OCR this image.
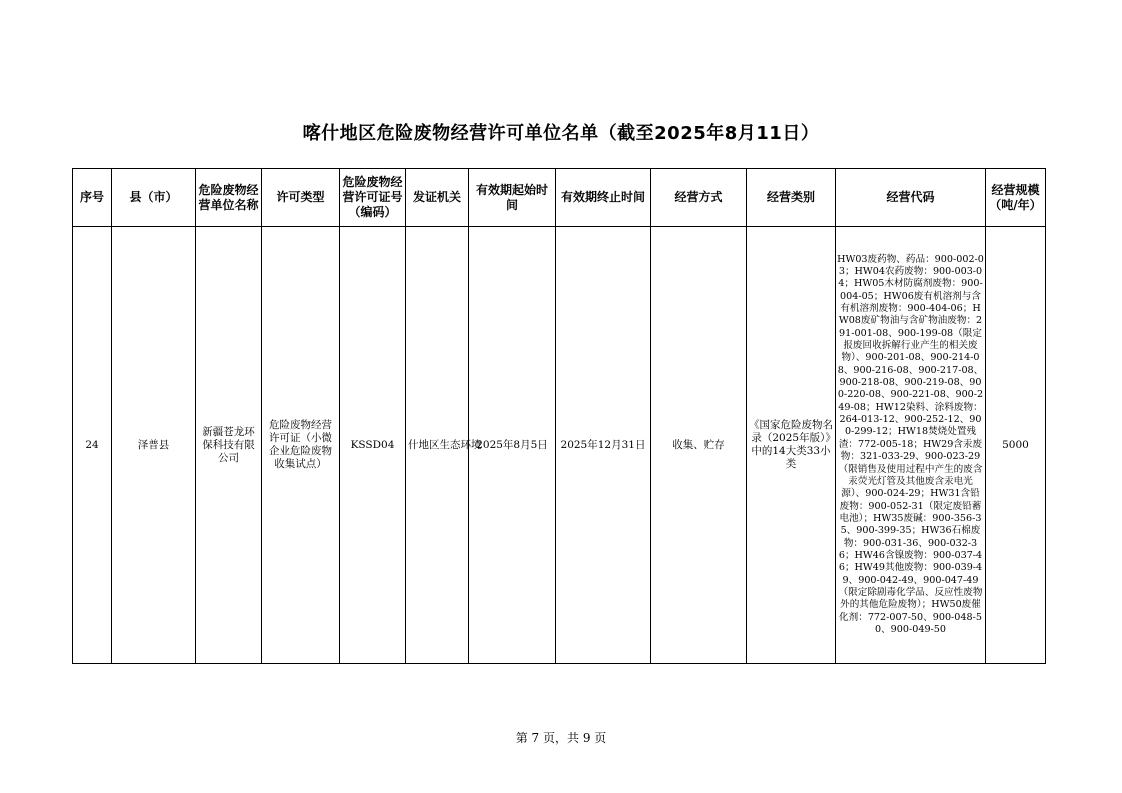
喀什地区危险废物经营许可单位名单（截至2025年8月11日）
序号	县（市）	危险废物经营单位名称	许可类型	危险废物经营许可证号（编码）	发证机关	有效期起始时间	有效期终止时间	经营方式	经营类别	经营代码	经营规模（吨/年）
24	泽普县	新疆苍龙环保科技有限公司	危险废物经营许可证（小微企业危险废物收集试点）	KSSD04	什地区生态环境	2025年8月5日	2025年12月31日	收集、贮存	《国家危险废物名录（2025年版）》中的14大类33小类	HW03废药物、药品：900-002-03；HW04农药废物：900-003-04；HW05木材防腐剂废物：900-004-05；HW06废有机溶剂与含有机溶剂废物：900-404-06；HW08废矿物油与含矿物油废物：291-001-08、900-199-08（限定报废回收拆解行业产生的相关废物）、900-201-08、900-214-08、900-216-08、900-217-08、900-218-08、900-219-08、900-220-08、900-221-08、900-249-08；HW12染料、涂料废物：264-013-12、900-252-12、900-299-12；HW18焚烧处置残渣：772-005-18；HW29含汞废物：321-033-29、900-023-29（限销售及使用过程中产生的废含汞荧光灯管及其他废含汞电光源）、900-024-29；HW31含铅废物：900-052-31（限定废铅蓄电池）；HW35废碱：900-356-35、900-399-35；HW36石棉废物：900-031-36、900-032-36；HW46含镍废物：900-037-46；HW49其他废物：900-039-49、900-042-49、900-047-49（限定除剧毒化学品、反应性废物外的其他危险废物）；HW50废催化剂：772-007-50、900-048-50、900-049-50	5000

第 7 页，共 9 页
